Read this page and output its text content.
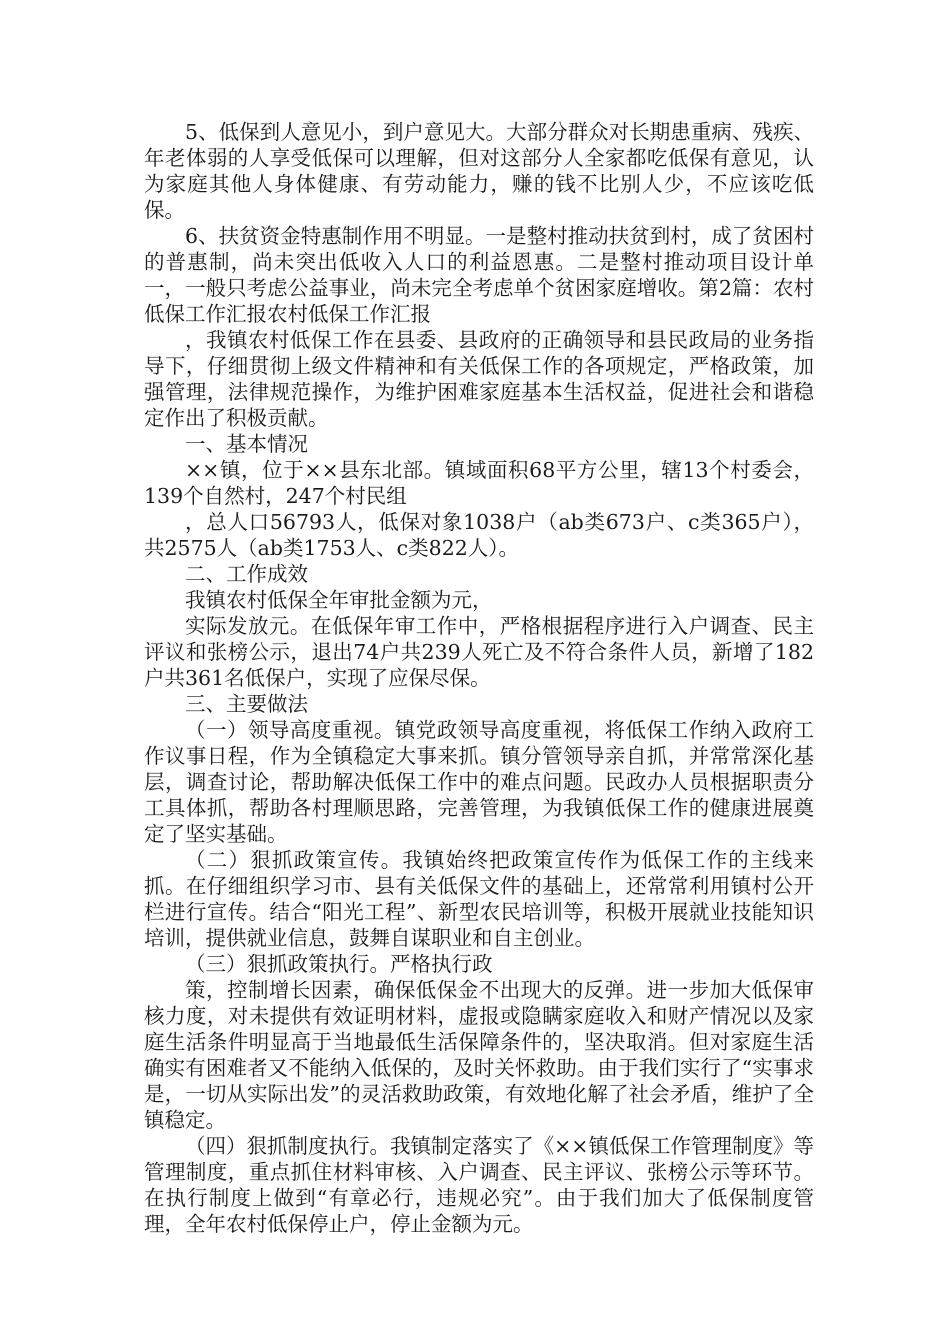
5、低保到人意见小，到户意见大。大部分群众对长期患重病、残疾、年老体弱的人享受低保可以理解，但对这部分人全家都吃低保有意见，认为家庭其他人身体健康、有劳动能力，赚的钱不比别人少，不应该吃低保。

6、扶贫资金特惠制作用不明显。一是整村推动扶贫到村，成了贫困村的普惠制，尚未突出低收入人口的利益恩惠。二是整村推动项目设计单一，一般只考虑公益事业，尚未完全考虑单个贫困家庭增收。第2篇：农村低保工作汇报农村低保工作汇报

，我镇农村低保工作在县委、县政府的正确领导和县民政局的业务指导下，仔细贯彻上级文件精神和有关低保工作的各项规定，严格政策，加强管理，法律规范操作，为维护困难家庭基本生活权益，促进社会和谐稳定作出了积极贡献。

一、基本情况

××镇，位于××县东北部。镇域面积68平方公里，辖13个村委会，139个自然村，247个村民组

，总人口56793人，低保对象1038户（ab类673户、c类365户），共2575人（ab类1753人、c类822人）。

二、工作成效

我镇农村低保全年审批金额为元，

实际发放元。在低保年审工作中，严格根据程序进行入户调查、民主评议和张榜公示，退出74户共239人死亡及不符合条件人员，新增了182户共361名低保户，实现了应保尽保。

三、主要做法

（一）领导高度重视。镇党政领导高度重视，将低保工作纳入政府工作议事日程，作为全镇稳定大事来抓。镇分管领导亲自抓，并常常深化基层，调查讨论，帮助解决低保工作中的难点问题。民政办人员根据职责分工具体抓，帮助各村理顺思路，完善管理，为我镇低保工作的健康进展奠定了坚实基础。

（二）狠抓政策宣传。我镇始终把政策宣传作为低保工作的主线来抓。在仔细组织学习市、县有关低保文件的基础上，还常常利用镇村公开栏进行宣传。结合“阳光工程”、新型农民培训等，积极开展就业技能知识培训，提供就业信息，鼓舞自谋职业和自主创业。

（三）狠抓政策执行。严格执行政

策，控制增长因素，确保低保金不出现大的反弹。进一步加大低保审核力度，对未提供有效证明材料，虚报或隐瞒家庭收入和财产情况以及家庭生活条件明显高于当地最低生活保障条件的，坚决取消。但对家庭生活确实有困难者又不能纳入低保的，及时关怀救助。由于我们实行了“实事求是，一切从实际出发”的灵活救助政策，有效地化解了社会矛盾，维护了全镇稳定。

（四）狠抓制度执行。我镇制定落实了《××镇低保工作管理制度》等管理制度，重点抓住材料审核、入户调查、民主评议、张榜公示等环节。在执行制度上做到“有章必行，违规必究”。由于我们加大了低保制度管理，全年农村低保停止户，停止金额为元。
